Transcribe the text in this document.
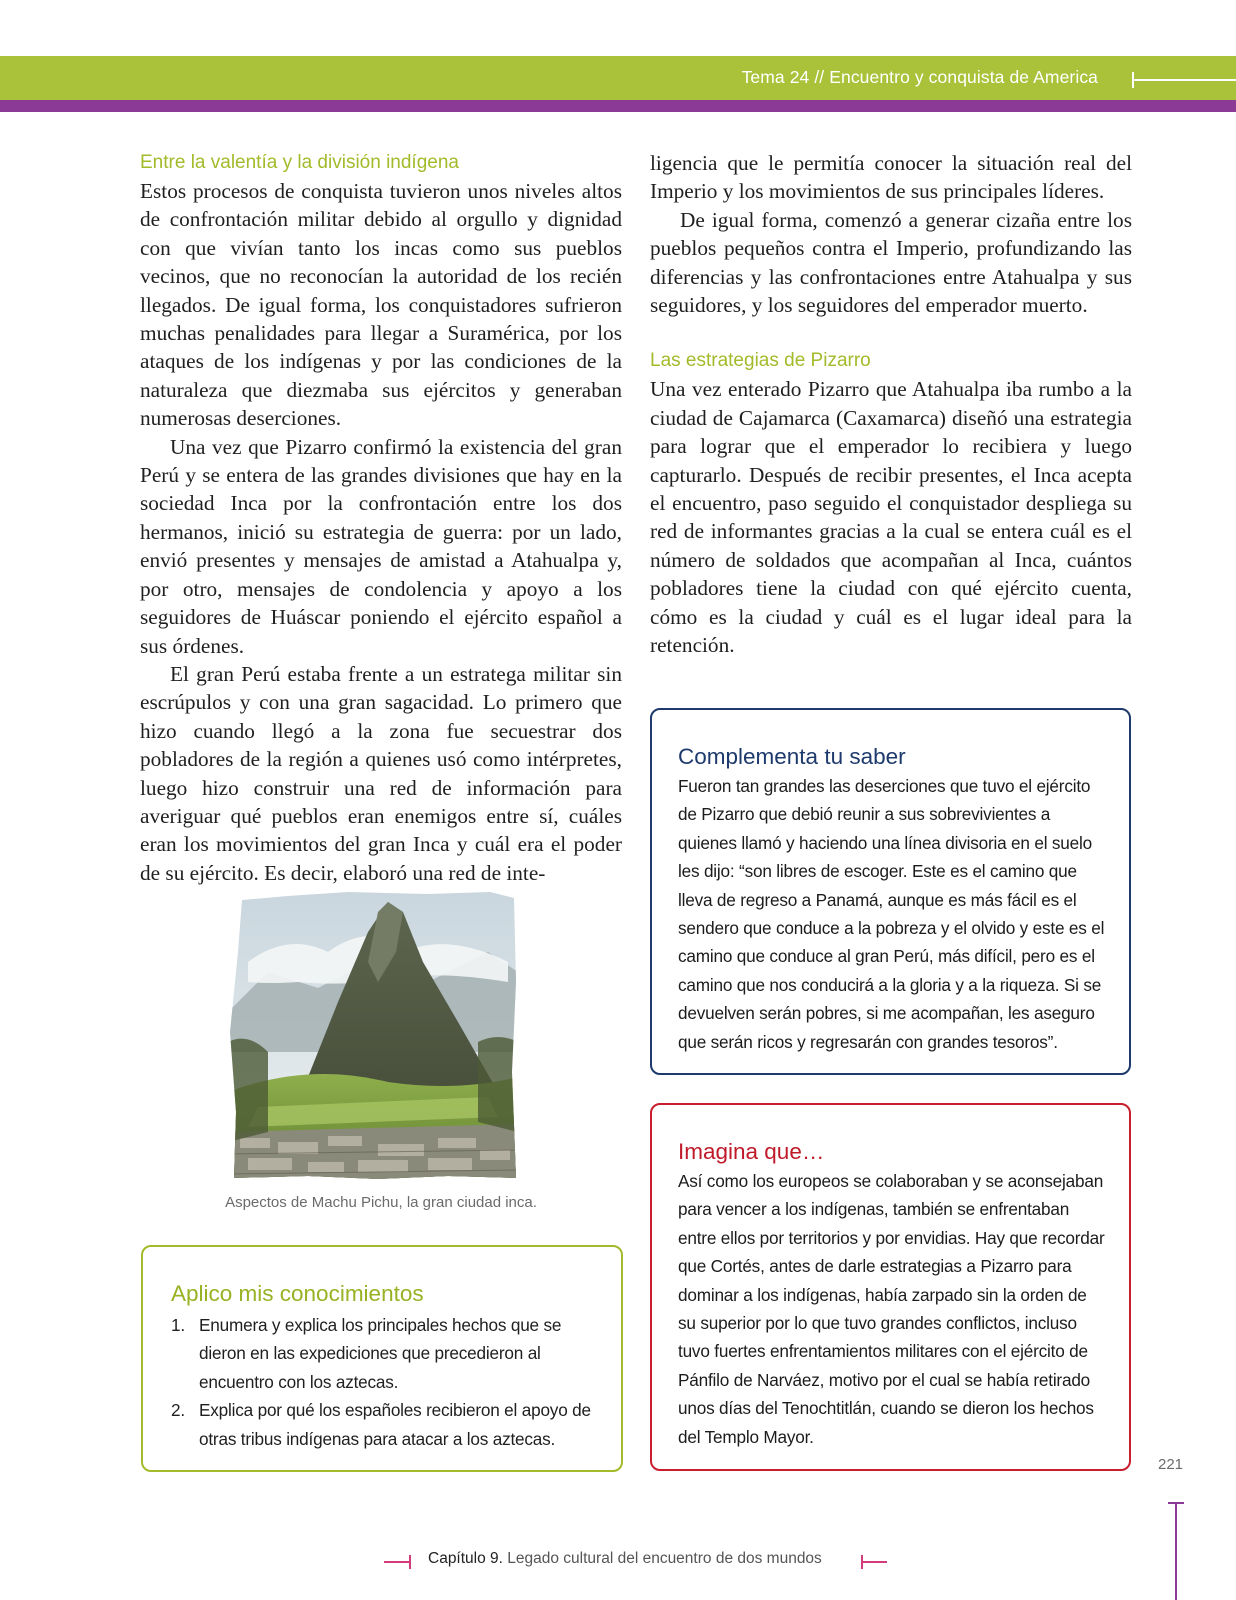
Tema 24 // Encuentro y conquista de America
Entre la valentía y la división indígena

Estos procesos de conquista tuvieron unos niveles altos de confrontación militar debido al orgullo y dignidad con que vivían tanto los incas como sus pueblos vecinos, que no reconocían la autoridad de los recién llegados. De igual forma, los conquistadores sufrieron muchas penalidades para llegar a Suramérica, por los ataques de los indígenas y por las condiciones de la naturaleza que diezmaba sus ejércitos y generaban numerosas deserciones.

Una vez que Pizarro confirmó la existencia del gran Perú y se entera de las grandes divisiones que hay en la sociedad Inca por la confrontación entre los dos hermanos, inició su estrategia de guerra: por un lado, envió presentes y mensajes de amistad a Atahualpa y, por otro, mensajes de condolencia y apoyo a los seguidores de Huáscar poniendo el ejército español a sus órdenes.

El gran Perú estaba frente a un estratega militar sin escrúpulos y con una gran sagacidad. Lo primero que hizo cuando llegó a la zona fue secuestrar dos pobladores de la región a quienes usó como intérpretes, luego hizo construir una red de información para averiguar qué pueblos eran enemigos entre sí, cuáles eran los movimientos del gran Inca y cuál era el poder de su ejército. Es decir, elaboró una red de inte-

ligencia que le permitía conocer la situación real del Imperio y los movimientos de sus principales líderes.

De igual forma, comenzó a generar cizaña entre los pueblos pequeños contra el Imperio, profundizando las diferencias y las confrontaciones entre Atahualpa y sus seguidores, y los seguidores del emperador muerto.

Las estrategias de Pizarro

Una vez enterado Pizarro que Atahualpa iba rumbo a la ciudad de Cajamarca (Caxamarca) diseñó una estrategia para lograr que el emperador lo recibiera y luego capturarlo. Después de recibir presentes, el Inca acepta el encuentro, paso seguido el conquistador despliega su red de informantes gracias a la cual se entera cuál es el número de soldados que acompañan al Inca, cuántos pobladores tiene la ciudad con qué ejército cuenta, cómo es la ciudad y cuál es el lugar ideal para la retención.

Aspectos de Machu Pichu, la gran ciudad inca.
Aplico mis conocimientos
1. Enumera y explica los principales hechos que se dieron en las expediciones que precedieron al encuentro con los aztecas.
2. Explica por qué los españoles recibieron el apoyo de otras tribus indígenas para atacar a los aztecas.
Complementa tu saber
Fueron tan grandes las deserciones que tuvo el ejército de Pizarro que debió reunir a sus sobrevivientes a quienes llamó y haciendo una línea divisoria en el suelo les dijo: “son libres de escoger. Este es el camino que lleva de regreso a Panamá, aunque es más fácil es el sendero que conduce a la pobreza y el olvido y este es el camino que conduce al gran Perú, más difícil, pero es el camino que nos conducirá a la gloria y a la riqueza. Si se devuelven serán pobres, si me acompañan, les aseguro que serán ricos y regresarán con grandes tesoros”.
Imagina que…
Así como los europeos se colaboraban y se aconsejaban para vencer a los indígenas, también se enfrentaban entre ellos por territorios y por envidias. Hay que recordar que Cortés, antes de darle estrategias a Pizarro para dominar a los indígenas, había zarpado sin la orden de su superior por lo que tuvo grandes conflictos, incluso tuvo fuertes enfrentamientos militares con el ejército de Pánfilo de Narváez, motivo por el cual se había retirado unos días del Tenochtitlán, cuando se dieron los hechos del Templo Mayor.
221
Capítulo 9. Legado cultural del encuentro de dos mundos
